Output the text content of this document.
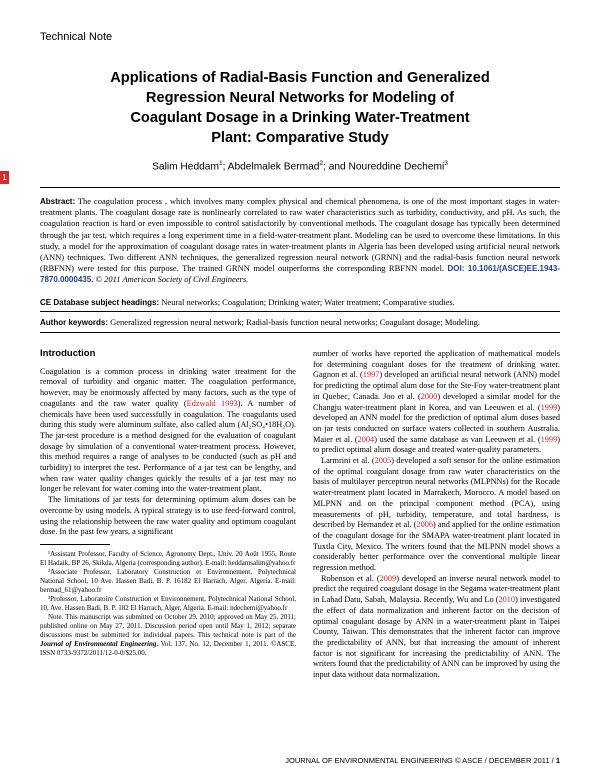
Technical Note
Applications of Radial-Basis Function and Generalized
Regression Neural Networks for Modeling of
Coagulant Dosage in a Drinking Water-Treatment
Plant: Comparative Study
Salim Heddam$^1$; Abdelmalek Bermad$^2$; and Noureddine Dechemi$^3$
1
Abstract: The coagulation process , which involves many complex physical and chemical phenomena, is one of the most important stages in water-treatment plants. The coagulant dosage rate is nonlinearly correlated to raw water characteristics such as turbidity, conductivity, and pH. As such, the coagulation reaction is hard or even impossible to control satisfactorily by conventional methods. The coagulant dosage has typically been determined through the jar test, which requires a long experiment time in a field-water-treatment plant. Modeling can be used to overcome these limitations. In this study, a model for the approximation of coagulant dosage rates in water-treatment plants in Algeria has been developed using artificial neural network (ANN) techniques. Two different ANN techniques, the generalized regression neural network (GRNN) and the radial-basis function neural network (RBFNN) were tested for this purpose. The trained GRNN model outperforms the corresponding RBFNN model. DOI: 10.1061/(ASCE)EE.1943-7870.0000435. © 2011 American Society of Civil Engineers.
CE Database subject headings: Neural networks; Coagulation; Drinking water; Water treatment; Comparative studies.
Author keywords: Generalized regression neural network; Radial-basis function neural networks; Coagulant dosage; Modeling.
Introduction

Coagulation is a common process in drinking water treatment for the removal of turbidity and organic matter. The coagulation performance, however, may be enormously affected by many factors, such as the type of coagulants and the raw water quality (Edzwald 1993). A number of chemicals have been used successfully in coagulation. The coagulants used during this study were aluminum sulfate, also called alum (Al₂SO₄•18H₂O). The jar-test procedure is a method designed for the evaluation of coagulant dosage by simulation of a conventional water-treatment process. However, this method requires a range of analyses to be conducted (such as pH and turbidity) to interpret the test. Performance of a jar test can be lengthy, and when raw water quality changes quickly the results of a jar test may no longer be relevant for water coming into the water-treatment plant.

The limitations of jar tests for determining optimum alum doses can be overcome by using models. A typical strategy is to use feed-forward control, using the relationship between the raw water quality and optimum coagulant dose. In the past few years, a significant

¹Assistant Professor, Faculty of Science, Agronomy Dept., Univ. 20 Août 1955, Route El Hadaik, BP 26, Skikda, Algeria (corresponding author). E-mail: heddamsalim@yahoo.fr

²Associate Professor, Laboratory Construction et Environnement, Polytechnical National School, 10 Ave. Hassen Badi, B. P. 16182 El Harrach, Alger, Algeria. E-mail: bermad_61@yahoo.fr

³Professor, Laboratoire Construction et Environnement, Polytechnical National School, 10, Ave. Hassen Badi, B. P. 182 El Harrach, Alger, Algeria. E-mail: ndechemi@yahoo.fr

Note. This manuscript was submitted on October 29, 2010; approved on May 25, 2011; published online on May 27, 2011. Discussion period open until May 1, 2012; separate discussions must be submitted for individual papers. This technical note is part of the Journal of Environmental Engineering, Vol. 137, No. 12, December 1, 2011. ©ASCE, ISSN 0733-9372/2011/12-0-0/$25.00.

number of works have reported the application of mathematical models for determining coagulant doses for the treatment of drinking water. Gagnon et al. (1997) developed an artificial neural network (ANN) model for predicting the optimal alum dose for the Ste-Foy water-treatment plant in Quebec, Canada. Joo et al. (2000) developed a similar model for the Changju water-treatment plant in Korea, and van Leeuwen et al. (1999) developed an ANN model for the prediction of optimal alum doses based on jar tests conducted on surface waters collected in southern Australia. Maier et al. (2004) used the same database as van Leeuwen et al. (1999) to predict optimal alum dosage and treated water-quality parameters.

Larmrini et al. (2005) developed a soft sensor for the online estimation of the optimal coagulant dosage from raw water characteristics on the basis of multilayer perceptron neural networks (MLPNNs) for the Rocade water-treatment plant located in Marrakech, Morocco. A model based on MLPNN and on the principal component method (PCA), using measurements of pH, turbidity, temperature, and total hardness, is described by Hernandez et al. (2006) and applied for the online estimation of the coagulant dosage for the SMAPA water-treatment plant located in Tuxtla City, Mexico. The writers found that the MLPNN model shows a considerably better performance over the conventional multiple linear regression method.

Robenson et al. (2009) developed an inverse neural network model to predict the required coagulant dosage in the Segama water-treatment plant in Lahad Datu, Sabah, Malaysia. Recently, Wu and Lo (2010) investigated the effect of data normalization and inherent factor on the decision of optimal coagulant dosage by ANN in a water-treatment plant in Taipei County, Taiwan. This demonstrates that the inherent factor can improve the predictability of ANN, but that increasing the amount of inherent factor is not significant for increasing the predictability of ANN. The writers found that the predictability of ANN can be improved by using the input data without data normalization.

JOURNAL OF ENVIRONMENTAL ENGINEERING © ASCE / DECEMBER 2011 / 1
